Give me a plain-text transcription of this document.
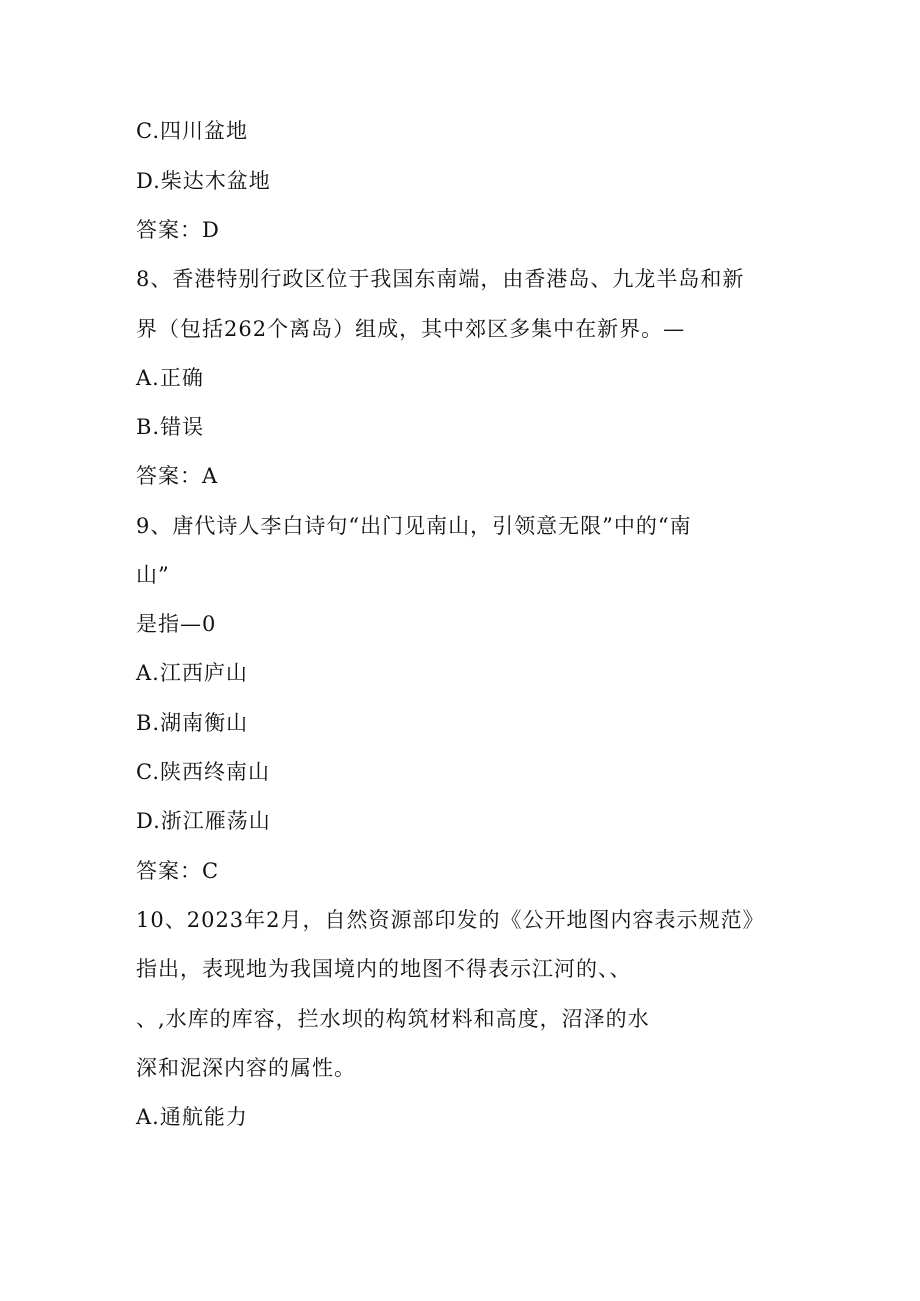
C.四川盆地
D.柴达木盆地
答案：D
8、香港特别行政区位于我国东南端，由香港岛、九龙半岛和新
界（包括262个离岛）组成，其中郊区多集中在新界。—
A.正确
B.错误
答案：A
9、唐代诗人李白诗句“出门见南山，引领意无限”中的“南
山”
是指—0
A.江西庐山
B.湖南衡山
C.陕西终南山
D.浙江雁荡山
答案：C
10、2023年2月，自然资源部印发的《公开地图内容表示规范》
指出，表现地为我国境内的地图不得表示江河的、、
、,水库的库容，拦水坝的构筑材料和高度，沼泽的水
深和泥深内容的属性。
A.通航能力
